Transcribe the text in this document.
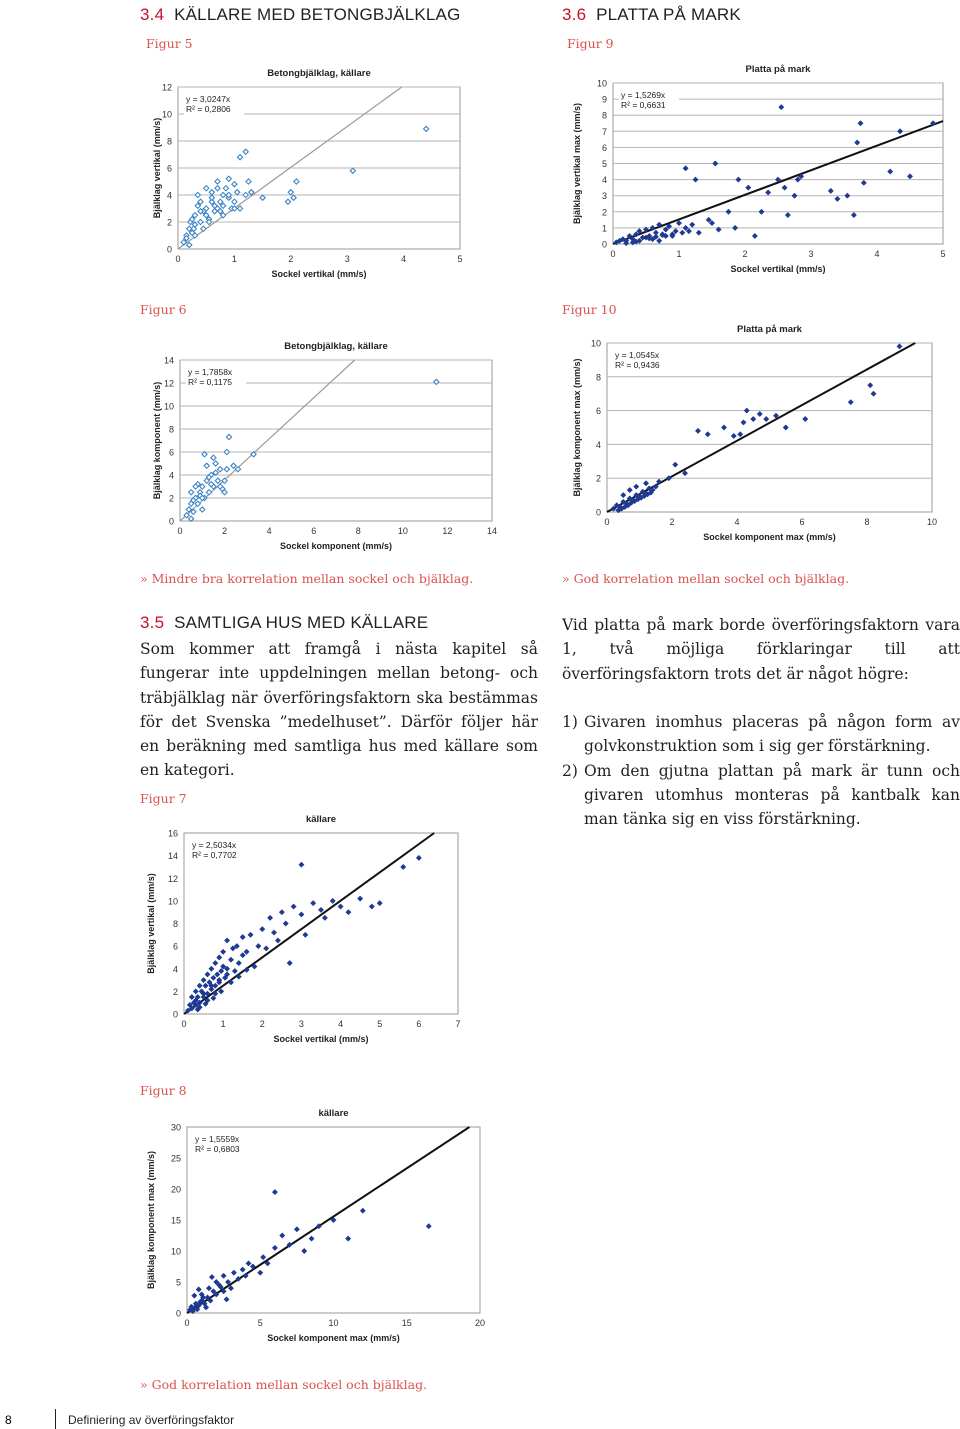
3.4 KÄLLARE MED BETONGBJÄLKLAG	3.6 PLATTA PÅ MARK
Figur 5	Figur 9
Figur 6	Figur 10
Figur 7
Figur 8
0
2
4
6
8
10
12
0	1	2	3	4	5
Betongbjälklag, källare
Sockel vertikal (mm/s)
Bjälklag vertikal (mm/s)
y = 3,0247x
R² = 0,2806
0
1
2
3
4
5
6
7
8
9
10
0	1	2	3	4	5
Platta på mark
Sockel vertikal (mm/s)
Bjälklag vertikal max (mm/s)
y = 1,5269x
R² = 0,6631
0
2
4
6
8
10
12
14
0	2	4	6	8	10	12	14
Betongbjälklag, källare
Sockel komponent (mm/s)
Bjälklag komponent (mm/s)
y = 1,7858x
R² = 0,1175
0
2
4
6
8
10
0	2	4	6	8	10
Platta på mark
Sockel komponent max (mm/s)
Bjälklag komponent max (mm/s)
y = 1,0545x
R² = 0,9436
0
2
4
6
8
10
12
14
16
0	1	2	3	4	5	6	7
källare
Sockel vertikal (mm/s)
Bjälklag vertikal (mm/s)
y = 2,5034x
R² = 0,7702
0
5
10
15
20
25
30
0	5	10	15	20
källare
Sockel komponent max (mm/s)
Bjälklag komponent max (mm/s)
y = 1,5559x
R² = 0,6803
» Mindre bra korrelation mellan sockel och bjälklag.	» God korrelation mellan sockel och bjälklag.
» God korrelation mellan sockel och bjälklag.
3.5 SAMTLIGA HUS MED KÄLLARE

Som kommer att framgå i nästa kapitel så fungerar inte uppdelningen mellan betong- och träbjälklag när överföringsfaktorn ska bestämmas för det Svenska ”medelhuset”. Därför följer här en beräkning med samtliga hus med källare som en kategori.

Vid platta på mark borde överföringsfaktorn vara 1, två möjliga förklaringar till att överföringsfaktorn trots det är något högre:

1) Givaren inomhus placeras på någon form av golvkonstruktion som i sig ger förstärkning.
2) Om den gjutna plattan på mark är tunn och givaren utomhus monteras på kantbalk kan man tänka sig en viss förstärkning.
8	Definiering av överföringsfaktor
